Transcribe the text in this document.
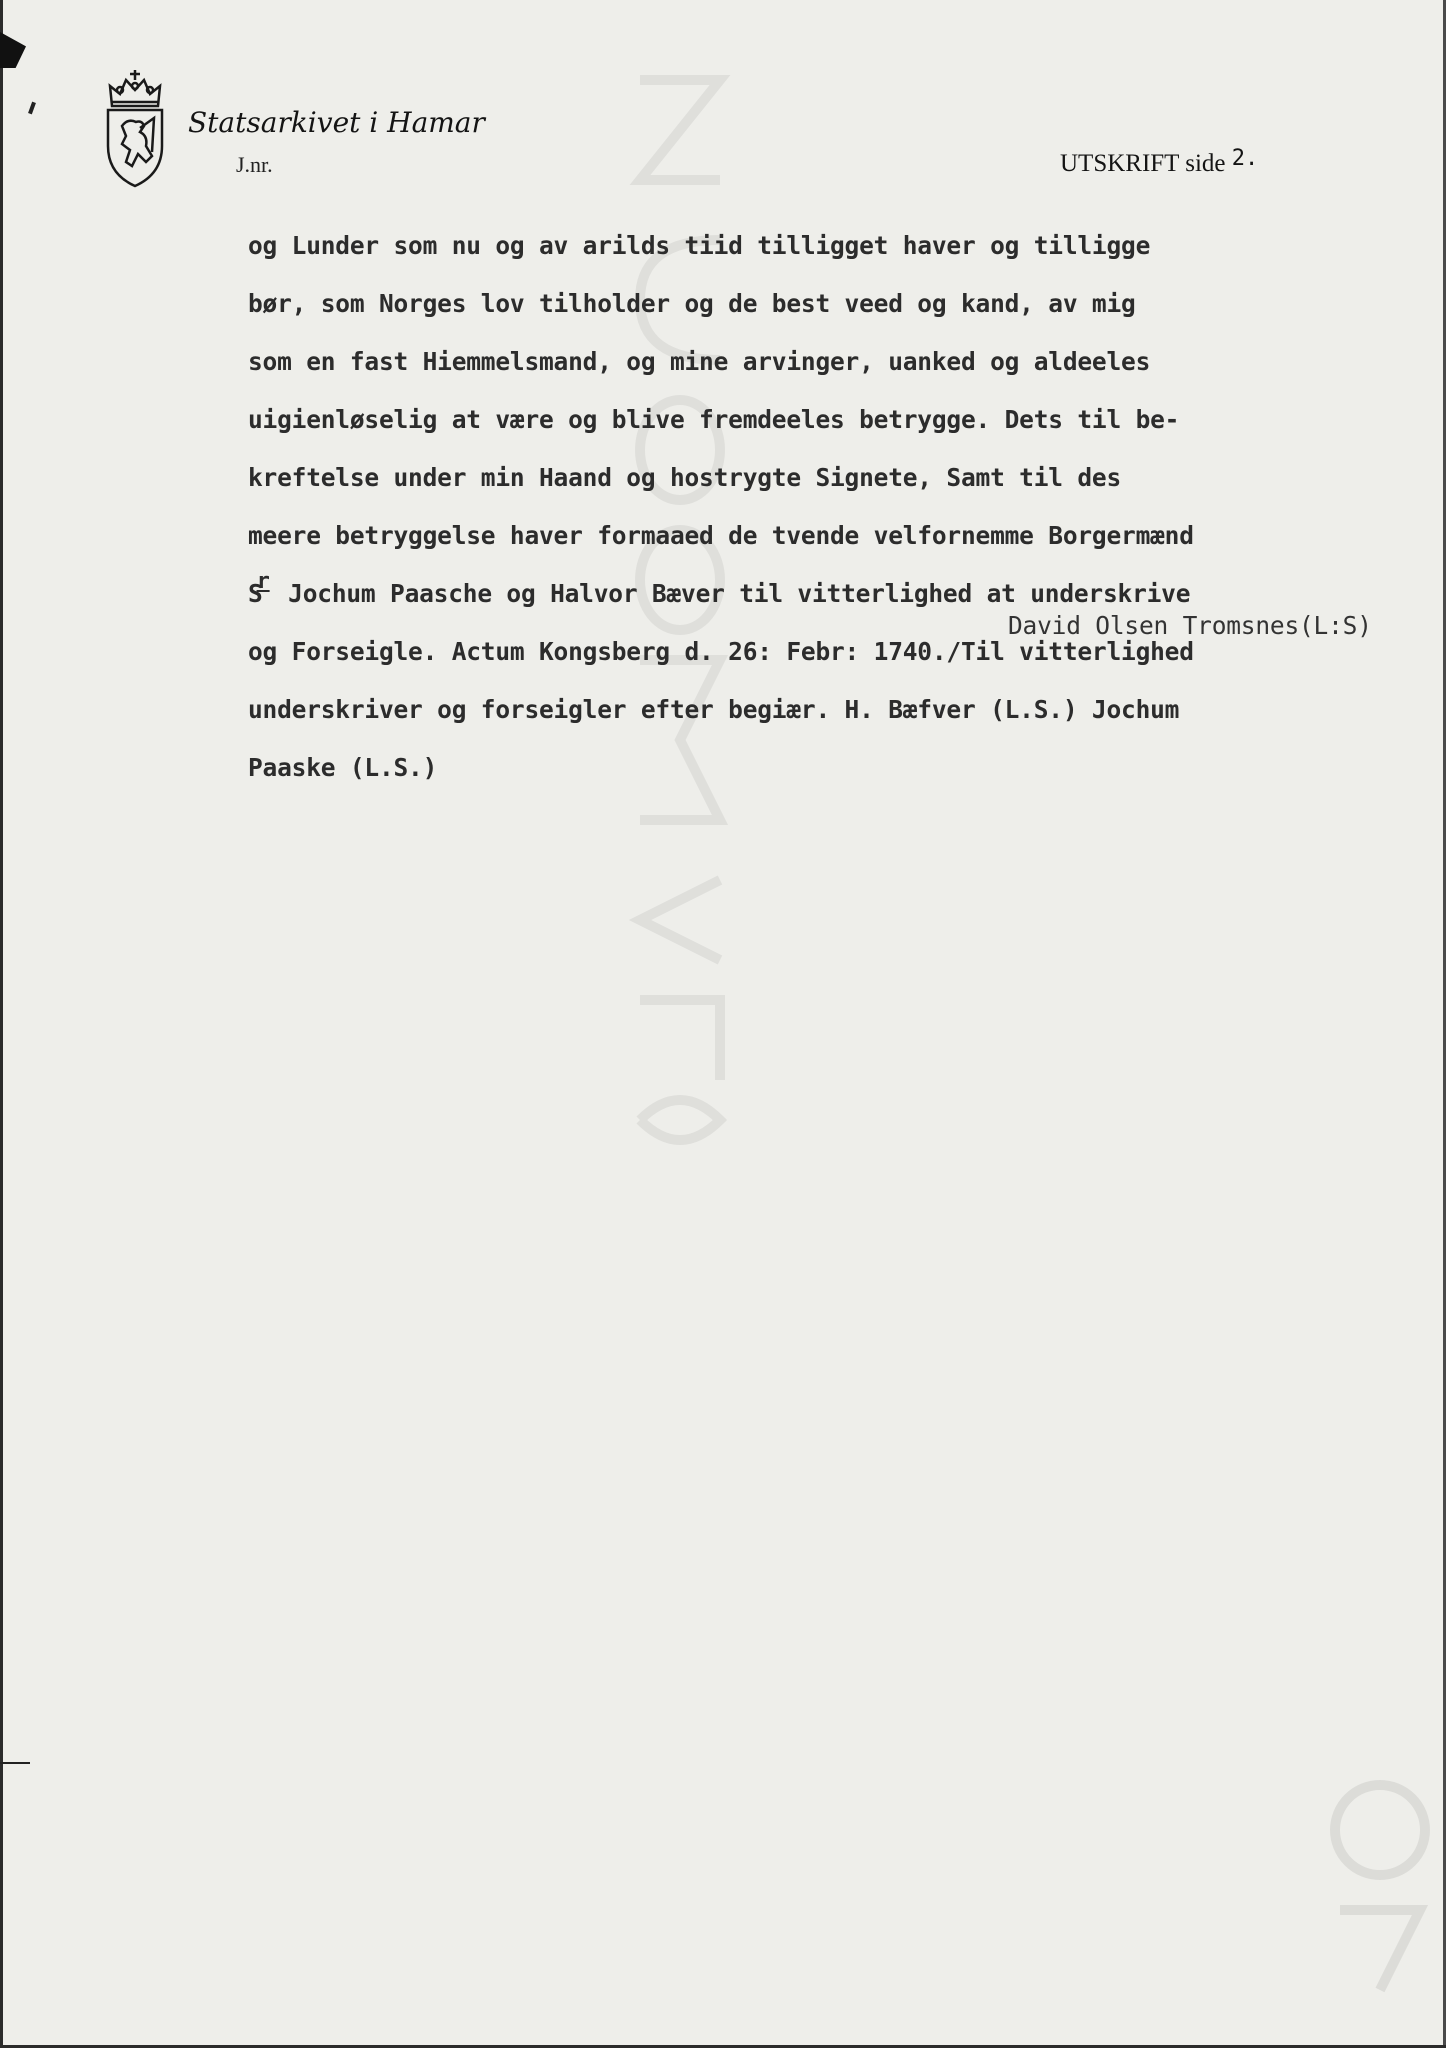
Statsarkivet i Hamar
J.nr.	UTSKRIFT side 2.
og Lunder som nu og av arilds tiid tilligget haver og tilligge
bør, som Norges lov tilholder og de best veed og kand, av mig
som en fast Hiemmelsmand, og mine arvinger, uanked og aldeeles
uigienløselig at være og blive fremdeeles betrygge. Dets til be-
kreftelse under min Haand og hostrygte Signete, Samt til des
meere betryggelse haver formaaed de tvende velfornemme Borgermænd
Sr Jochum Paasche og Halvor Bæver til vitterlighed at underskrive
David Olsen Tromsnes(L:S)
og Forseigle. Actum Kongsberg d. 26: Febr: 1740./Til vitterlighed
underskriver og forseigler efter begiær. H. Bæfver (L.S.) Jochum
Paaske (L.S.)
